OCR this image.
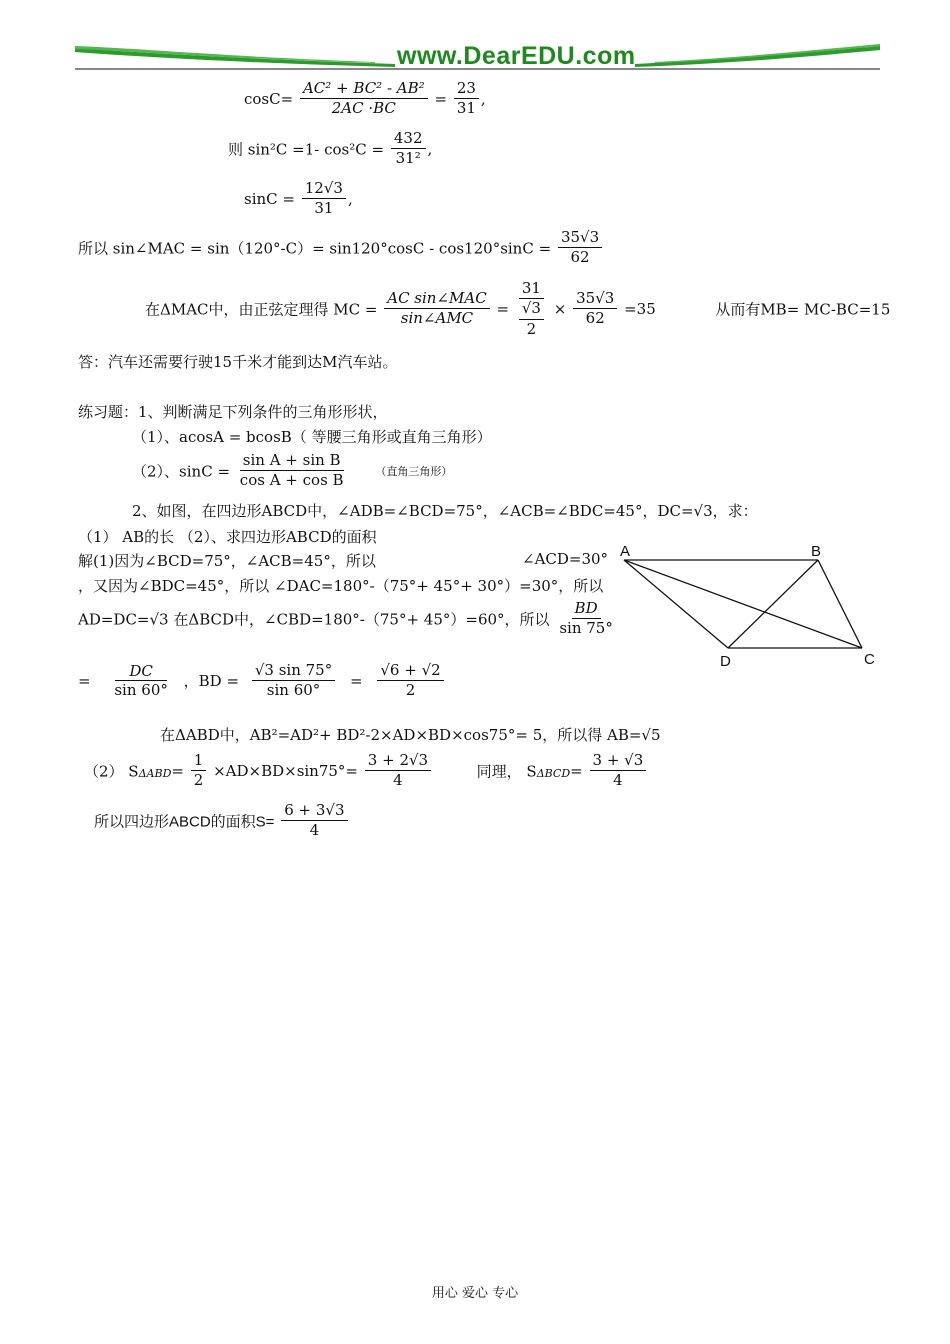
www.DearEDU.com
$\cos C= \frac{\text{AC² + BC² - AB²}}{2AC \cdot BC} = \frac{23}{31}$ ,
则 sin²C =1- $\cos^2C = \frac{432}{\text{31²}}$ ,
$\sin C = \frac{12√3}{31}$ ,
所以 sin∠MAC = $\sin(120^\circ-C)= \sin 120^\circ\cos C - \cos 120^\circ\sin C = \frac{35√3}{62}$
在ΔMAC中，由正弦定理得 MC = $\frac{\text{AC sin∠MAC}}{\text{sin∠AMC}} = \frac{31}{\frac{√3}{2}} \times \frac{35√3}{62} =35$	从而有MB= MC-BC=15
答：汽车还需要行驶15千米才能到达M汽车站。
练习题：1、判断满足下列条件的三角形形状，
（1）、acosA = bcosB（ 等腰三角形或直角三角形）
（2）、$\sin C = \frac{\text{sin A + sin B}}{\text{cos A + cos B}}$	（直角三角形）
2、如图，在四边形ABCD中，∠ADB=∠BCD=75°，∠ACB=∠BDC=45°，DC=√3，求：
（1） AB的长 （2）、求四边形ABCD的面积
解(1)因为∠BCD=75°，∠ACB=45°，所以	∠ACD=30°
，又因为∠BDC=45°，所以 ∠DAC=180°-（75°+ 45°+ 30°）=30°，所以
AD=DC=√3 在ΔBCD中，∠CBD=180°-（75°+ 45°）=60°，所以 $\frac{BD}{\sin 75^\circ}$
= $\frac{DC}{\sin 60^\circ}$ ，BD = $\frac{√3 \sin 75^\circ}{\sin 60^\circ} = \frac{√6 + √2}{2}$
在ΔABD中，AB²=AD²+ BD²-2×AD×BD×cos75°= 5，所以得 AB=√5
（2） $S\Delta ABD= \frac{1}{2} \times AD\times BD\times\sin 75^\circ= \frac{3 + 2√3}{4}$	同理， $S\Delta BCD= \frac{3 + √3}{4}$
所以四边形ABCD的面积$S= \frac{6 + 3√3}{4}$
A	B
C
D
用心 爱心 专心
